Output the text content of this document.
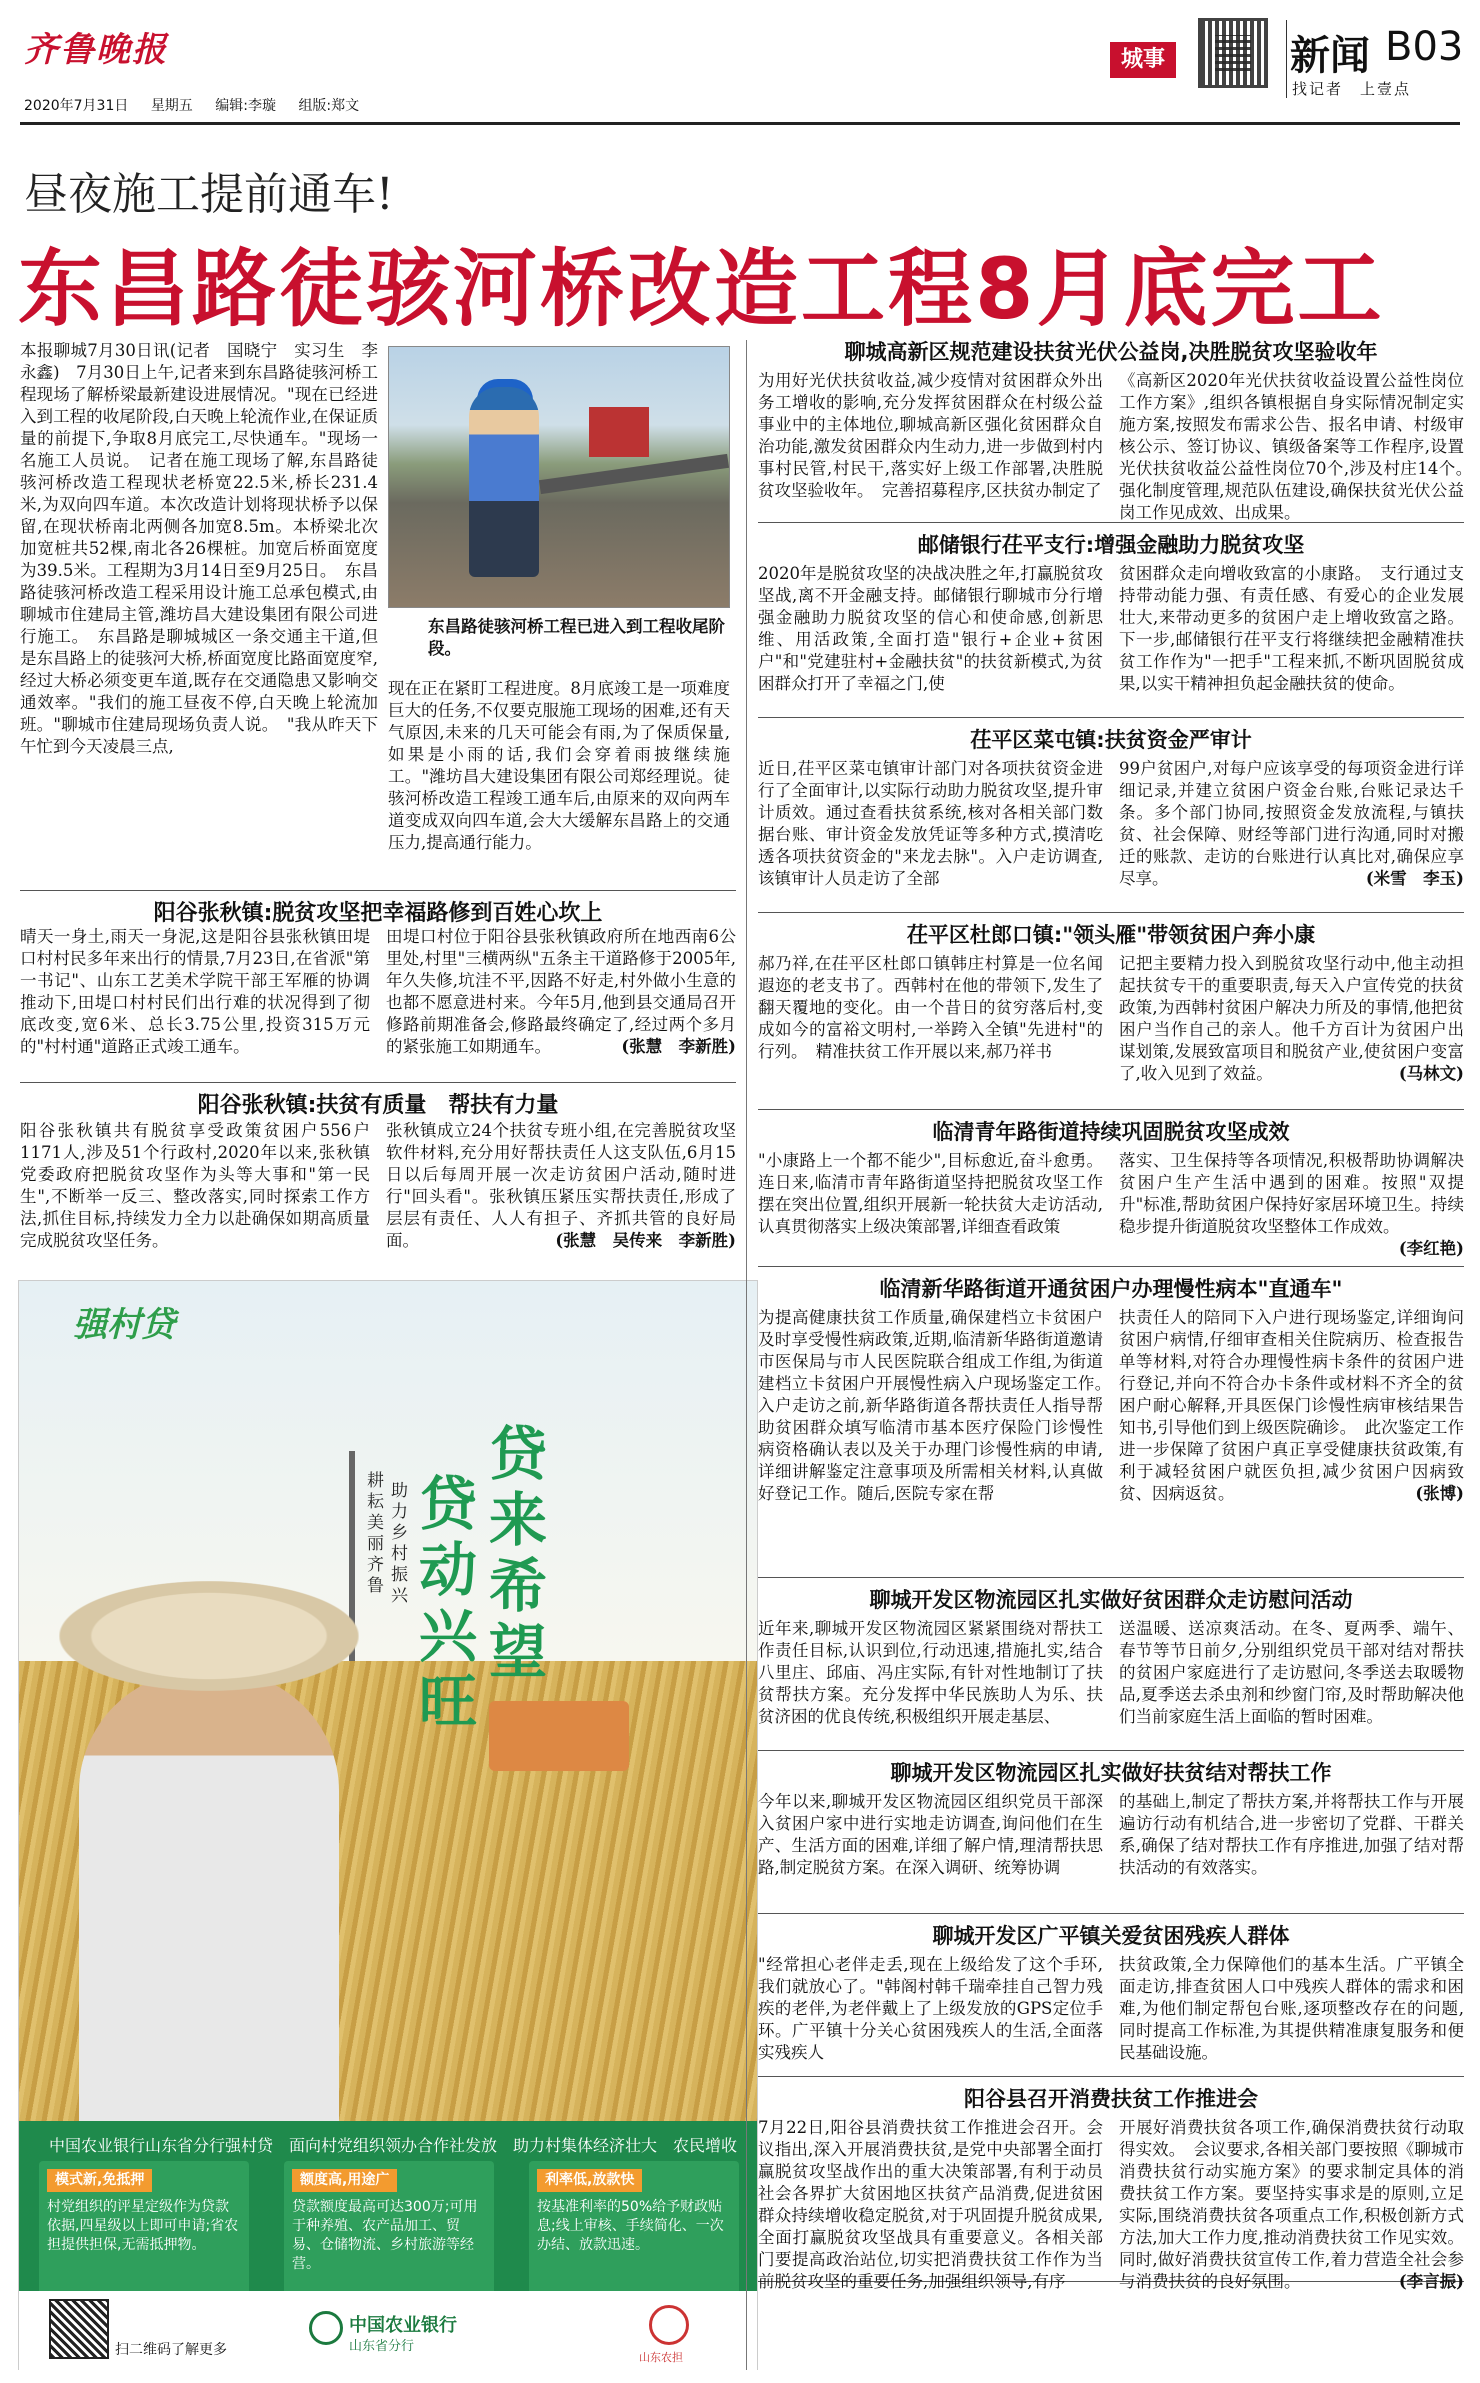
齐鲁晚报	城事	新闻 B03
找记者　上壹点
2020年7月31日 星期五 编辑:李璇 组版:郑文
昼夜施工提前通车!
东昌路徒骇河桥改造工程8月底完工
本报聊城7月30日讯(记者　国晓宁　实习生　李永鑫)　7月30日上午,记者来到东昌路徒骇河桥工程现场了解桥梁最新建设进展情况。"现在已经进入到工程的收尾阶段,白天晚上轮流作业,在保证质量的前提下,争取8月底完工,尽快通车。"现场一名施工人员说。　记者在施工现场了解,东昌路徒骇河桥改造工程现状老桥宽22.5米,桥长231.4米,为双向四车道。本次改造计划将现状桥予以保留,在现状桥南北两侧各加宽8.5m。本桥梁北次加宽桩共52棵,南北各26棵桩。加宽后桥面宽度为39.5米。工程期为3月14日至9月25日。　东昌路徒骇河桥改造工程采用设计施工总承包模式,由聊城市住建局主管,潍坊昌大建设集团有限公司进行施工。　东昌路是聊城城区一条交通主干道,但是东昌路上的徒骇河大桥,桥面宽度比路面宽度窄,经过大桥必须变更车道,既存在交通隐患又影响交通效率。"我们的施工昼夜不停,白天晚上轮流加班。"聊城市住建局现场负责人说。　"我从昨天下午忙到今天凌晨三点,
东昌路徒骇河桥工程已进入到工程收尾阶段。
现在正在紧盯工程进度。8月底竣工是一项难度巨大的任务,不仅要克服施工现场的困难,还有天气原因,未来的几天可能会有雨,为了保质保量,如果是小雨的话,我们会穿着雨披继续施工。"潍坊昌大建设集团有限公司郑经理说。徒骇河桥改造工程竣工通车后,由原来的双向两车道变成双向四车道,会大大缓解东昌路上的交通压力,提高通行能力。
阳谷张秋镇:脱贫攻坚把幸福路修到百姓心坎上
晴天一身土,雨天一身泥,这是阳谷县张秋镇田堤口村村民多年来出行的情景,7月23日,在省派"第一书记"、山东工艺美术学院干部王军雁的协调推动下,田堤口村村民们出行难的状况得到了彻底改变,宽6米、总长3.75公里,投资315万元的"村村通"道路正式竣工通车。
田堤口村位于阳谷县张秋镇政府所在地西南6公里处,村里"三横两纵"五条主干道路修于2005年,年久失修,坑洼不平,因路不好走,村外做小生意的也都不愿意进村来。今年5月,他到县交通局召开修路前期准备会,修路最终确定了,经过两个多月的紧张施工如期通车。	(张慧　李新胜)
阳谷张秋镇:扶贫有质量　帮扶有力量
阳谷张秋镇共有脱贫享受政策贫困户556户1171人,涉及51个行政村,2020年以来,张秋镇党委政府把脱贫攻坚作为头等大事和"第一民生",不断举一反三、整改落实,同时探索工作方法,抓住目标,持续发力全力以赴确保如期高质量完成脱贫攻坚任务。
张秋镇成立24个扶贫专班小组,在完善脱贫攻坚软件材料,充分用好帮扶责任人这支队伍,6月15日以后每周开展一次走访贫困户活动,随时进行"回头看"。张秋镇压紧压实帮扶责任,形成了层层有责任、人人有担子、齐抓共管的良好局面。	(张慧　吴传来　李新胜)
强村贷
贷来希望
贷动兴旺
耕耘美丽齐鲁
助力乡村振兴
中国农业银行山东省分行强村贷　面向村党组织领办合作社发放　助力村集体经济壮大　农民增收
模式新,免抵押
村党组织的评星定级作为贷款依据,四星级以上即可申请;省农担提供担保,无需抵押物。
额度高,用途广
贷款额度最高可达300万;可用于种养殖、农产品加工、贸易、仓储物流、乡村旅游等经营。
利率低,放款快
按基准利率的50%给予财政贴息;线上审核、手续简化、一次办结、放款迅速。
扫二维码了解更多
中国农业银行
山东省分行
山东农担
聊城高新区规范建设扶贫光伏公益岗,决胜脱贫攻坚验收年
为用好光伏扶贫收益,减少疫情对贫困群众外出务工增收的影响,充分发挥贫困群众在村级公益事业中的主体地位,聊城高新区强化贫困群众自治功能,激发贫困群众内生动力,进一步做到村内事村民管,村民干,落实好上级工作部署,决胜脱贫攻坚验收年。　完善招募程序,区扶贫办制定了
《高新区2020年光伏扶贫收益设置公益性岗位工作方案》,组织各镇根据自身实际情况制定实施方案,按照发布需求公告、报名申请、村级审核公示、签订协议、镇级备案等工作程序,设置光伏扶贫收益公益性岗位70个,涉及村庄14个。　强化制度管理,规范队伍建设,确保扶贫光伏公益岗工作见成效、出成果。
邮储银行茌平支行:增强金融助力脱贫攻坚
2020年是脱贫攻坚的决战决胜之年,打赢脱贫攻坚战,离不开金融支持。邮储银行聊城市分行增强金融助力脱贫攻坚的信心和使命感,创新思维、用活政策,全面打造"银行+企业+贫困户"和"党建驻村+金融扶贫"的扶贫新模式,为贫困群众打开了幸福之门,使
贫困群众走向增收致富的小康路。　支行通过支持带动能力强、有责任感、有爱心的企业发展壮大,来带动更多的贫困户走上增收致富之路。下一步,邮储银行茌平支行将继续把金融精准扶贫工作作为"一把手"工程来抓,不断巩固脱贫成果,以实干精神担负起金融扶贫的使命。
茌平区菜屯镇:扶贫资金严审计
近日,茌平区菜屯镇审计部门对各项扶贫资金进行了全面审计,以实际行动助力脱贫攻坚,提升审计质效。通过查看扶贫系统,核对各相关部门数据台账、审计资金发放凭证等多种方式,摸清吃透各项扶贫资金的"来龙去脉"。入户走访调查,该镇审计人员走访了全部
99户贫困户,对每户应该享受的每项资金进行详细记录,并建立贫困户资金台账,台账记录达千条。多个部门协同,按照资金发放流程,与镇扶贫、社会保障、财经等部门进行沟通,同时对搬迁的账款、走访的台账进行认真比对,确保应享尽享。	(米雪　李玉)
茌平区杜郎口镇:"领头雁"带领贫困户奔小康
郝乃祥,在茌平区杜郎口镇韩庄村算是一位名闻遐迩的老支书了。西韩村在他的带领下,发生了翻天覆地的变化。由一个昔日的贫穷落后村,变成如今的富裕文明村,一举跨入全镇"先进村"的行列。　精准扶贫工作开展以来,郝乃祥书
记把主要精力投入到脱贫攻坚行动中,他主动担起扶贫专干的重要职责,每天入户宣传党的扶贫政策,为西韩村贫困户解决力所及的事情,他把贫困户当作自己的亲人。他千方百计为贫困户出谋划策,发展致富项目和脱贫产业,使贫困户变富了,收入见到了效益。	(马林文)
临清青年路街道持续巩固脱贫攻坚成效
"小康路上一个都不能少",目标愈近,奋斗愈勇。连日来,临清市青年路街道坚持把脱贫攻坚工作摆在突出位置,组织开展新一轮扶贫大走访活动,认真贯彻落实上级决策部署,详细查看政策
落实、卫生保持等各项情况,积极帮助协调解决贫困户生产生活中遇到的困难。按照"双提升"标准,帮助贫困户保持好家居环境卫生。持续稳步提升街道脱贫攻坚整体工作成效。
(李红艳)
临清新华路街道开通贫困户办理慢性病本"直通车"
为提高健康扶贫工作质量,确保建档立卡贫困户及时享受慢性病政策,近期,临清新华路街道邀请市医保局与市人民医院联合组成工作组,为街道建档立卡贫困户开展慢性病入户现场鉴定工作。　入户走访之前,新华路街道各帮扶责任人指导帮助贫困群众填写临清市基本医疗保险门诊慢性病资格确认表以及关于办理门诊慢性病的申请,详细讲解鉴定注意事项及所需相关材料,认真做好登记工作。随后,医院专家在帮
扶责任人的陪同下入户进行现场鉴定,详细询问贫困户病情,仔细审查相关住院病历、检查报告单等材料,对符合办理慢性病卡条件的贫困户进行登记,并向不符合办卡条件或材料不齐全的贫困户耐心解释,开具医保门诊慢性病审核结果告知书,引导他们到上级医院确诊。　此次鉴定工作进一步保障了贫困户真正享受健康扶贫政策,有利于减轻贫困户就医负担,减少贫困户因病致贫、因病返贫。	(张博)
聊城开发区物流园区扎实做好贫困群众走访慰问活动
近年来,聊城开发区物流园区紧紧围绕对帮扶工作责任目标,认识到位,行动迅速,措施扎实,结合八里庄、邱庙、冯庄实际,有针对性地制订了扶贫帮扶方案。充分发挥中华民族助人为乐、扶贫济困的优良传统,积极组织开展走基层、
送温暖、送凉爽活动。在冬、夏两季、端午、春节等节日前夕,分别组织党员干部对结对帮扶的贫困户家庭进行了走访慰问,冬季送去取暖物品,夏季送去杀虫剂和纱窗门帘,及时帮助解决他们当前家庭生活上面临的暂时困难。
聊城开发区物流园区扎实做好扶贫结对帮扶工作
今年以来,聊城开发区物流园区组织党员干部深入贫困户家中进行实地走访调查,询问他们在生产、生活方面的困难,详细了解户情,理清帮扶思路,制定脱贫方案。在深入调研、统筹协调
的基础上,制定了帮扶方案,并将帮扶工作与开展遍访行动有机结合,进一步密切了党群、干群关系,确保了结对帮扶工作有序推进,加强了结对帮扶活动的有效落实。
聊城开发区广平镇关爱贫困残疾人群体
"经常担心老伴走丢,现在上级给发了这个手环,我们就放心了。"韩阁村韩千瑞牵挂自己智力残疾的老伴,为老伴戴上了上级发放的GPS定位手环。广平镇十分关心贫困残疾人的生活,全面落实残疾人
扶贫政策,全力保障他们的基本生活。广平镇全面走访,排查贫困人口中残疾人群体的需求和困难,为他们制定帮包台账,逐项整改存在的问题,同时提高工作标准,为其提供精准康复服务和便民基础设施。
阳谷县召开消费扶贫工作推进会
7月22日,阳谷县消费扶贫工作推进会召开。会议指出,深入开展消费扶贫,是党中央部署全面打赢脱贫攻坚战作出的重大决策部署,有利于动员社会各界扩大贫困地区扶贫产品消费,促进贫困群众持续增收稳定脱贫,对于巩固提升脱贫成果,全面打赢脱贫攻坚战具有重要意义。各相关部门要提高政治站位,切实把消费扶贫工作作为当前脱贫攻坚的重要任务,加强组织领导,有序
开展好消费扶贫各项工作,确保消费扶贫行动取得实效。　会议要求,各相关部门要按照《聊城市消费扶贫行动实施方案》的要求制定具体的消费扶贫工作方案。要坚持实事求是的原则,立足实际,围绕消费扶贫各项重点工作,积极创新方式方法,加大工作力度,推动消费扶贫工作见实效。同时,做好消费扶贫宣传工作,着力营造全社会参与消费扶贫的良好氛围。	(李言振)
